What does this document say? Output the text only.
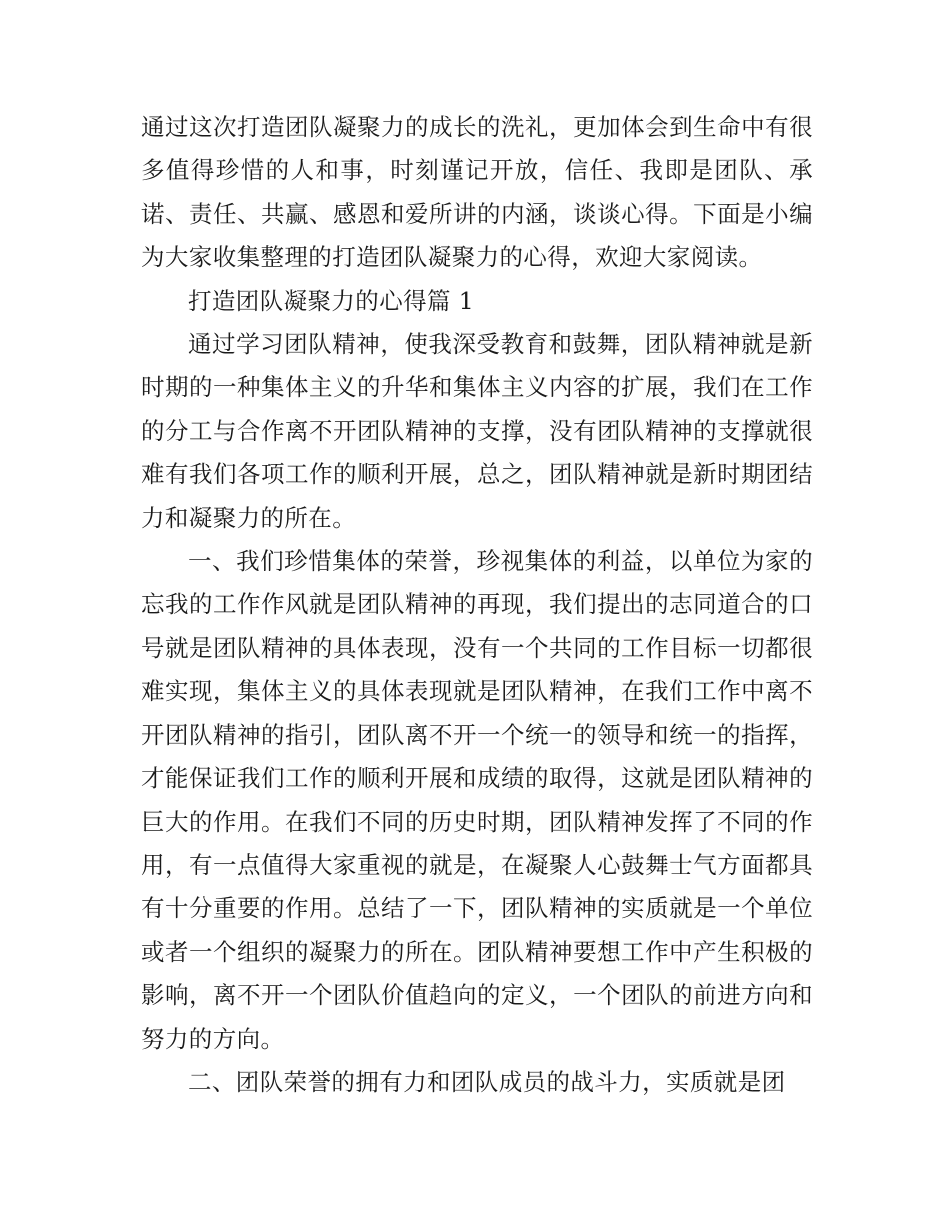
通过这次打造团队凝聚力的成长的洗礼，更加体会到生命中有很多值得珍惜的人和事，时刻谨记开放，信任、我即是团队、承诺、责任、共赢、感恩和爱所讲的内涵，谈谈心得。下面是小编为大家收集整理的打造团队凝聚力的心得，欢迎大家阅读。

打造团队凝聚力的心得篇 1

通过学习团队精神，使我深受教育和鼓舞，团队精神就是新时期的一种集体主义的升华和集体主义内容的扩展，我们在工作的分工与合作离不开团队精神的支撑，没有团队精神的支撑就很难有我们各项工作的顺利开展，总之，团队精神就是新时期团结力和凝聚力的所在。

一、我们珍惜集体的荣誉，珍视集体的利益，以单位为家的忘我的工作作风就是团队精神的再现，我们提出的志同道合的口号就是团队精神的具体表现，没有一个共同的工作目标一切都很难实现，集体主义的具体表现就是团队精神，在我们工作中离不开团队精神的指引，团队离不开一个统一的领导和统一的指挥，才能保证我们工作的顺利开展和成绩的取得，这就是团队精神的巨大的作用。在我们不同的历史时期，团队精神发挥了不同的作用，有一点值得大家重视的就是，在凝聚人心鼓舞士气方面都具有十分重要的作用。总结了一下，团队精神的实质就是一个单位或者一个组织的凝聚力的所在。团队精神要想工作中产生积极的影响，离不开一个团队价值趋向的定义，一个团队的前进方向和努力的方向。

二、团队荣誉的拥有力和团队成员的战斗力，实质就是团
